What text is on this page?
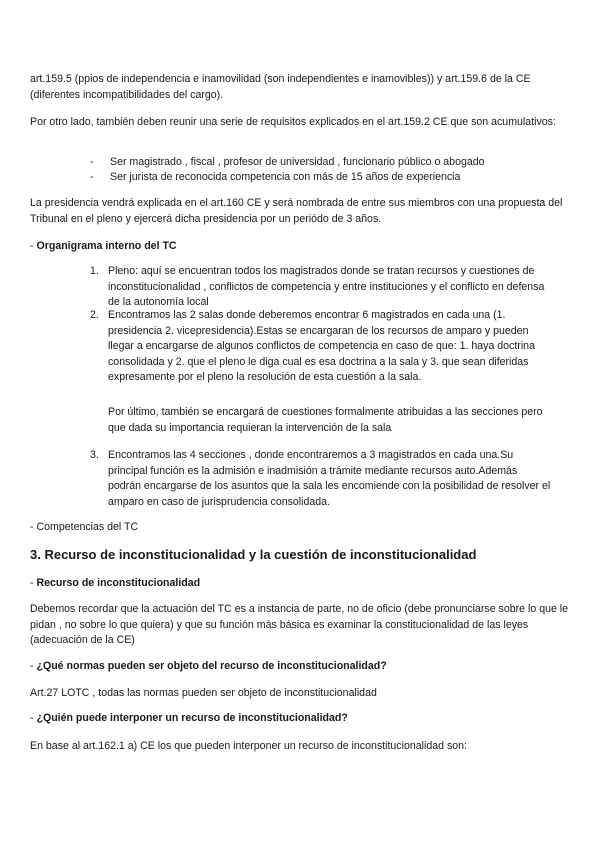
art.159.5 (ppios de independencia e inamovilidad (son independientes e inamovibles)) y art.159.6 de la CE (diferentes incompatibilidades del cargo).

Por otro lado, también deben reunir una serie de requisitos explicados en el art.159.2 CE que son acumulativos:

-	Ser magistrado , fiscal , profesor de universidad , funcionario público o abogado
-	Ser jurista de reconocida competencia con más de 15 años de experiencia

La presidencia vendrá explicada en el art.160 CE y será nombrada de entre sus miembros con una propuesta del Tribunal en el pleno y ejercerá dicha presidencia por un periódo de 3 años.

- Organigrama interno del TC

1. Pleno: aquí se encuentran todos los magistrados donde se tratan recursos y cuestiones de inconstitucionalidad , conflictos de competencia y entre instituciones y el conflicto en defensa de la autonomía local
2. Encontramos las 2 salas donde deberemos encontrar 6 magistrados en cada una (1. presidencia 2. vicepresidencia).Estas se encargaran de los recursos de amparo y pueden llegar a encargarse de algunos conflictos de competencia en caso de que: 1. haya doctrina consolidada y 2. que el pleno le diga cual es esa doctrina a la sala y 3. que sean diferidas expresamente por el pleno la resolución de esta cuestión a la sala.

Por último, también se encargará de cuestiones formalmente atribuidas a las secciones pero que dada su importancia requieran la intervención de la sala

3. Encontramos las 4 secciones , donde encontraremos a 3 magistrados en cada una.Su principal función es la admisión e inadmisión a trámite mediante recursos auto.Además podrán encargarse de los asuntos que la sala les encomiende con la posibilidad de resolver el amparo en caso de jurisprudencia consolidada.

- Competencias del TC

3. Recurso de inconstitucionalidad y la cuestión de inconstitucionalidad

- Recurso de inconstitucionalidad

Debemos recordar que la actuación del TC es a instancia de parte, no de oficio (debe pronunciarse sobre lo que le pidan , no sobre lo que quiera) y que su función más básica es examinar la constitucionalidad de las leyes (adecuación de la CE)

- ¿Qué normas pueden ser objeto del recurso de inconstitucionalidad?

Art.27 LOTC , todas las normas pueden ser objeto de inconstitucionalidad

- ¿Quién puede interponer un recurso de inconstitucionalidad?

En base al art.162.1 a) CE los que pueden interponer un recurso de inconstitucionalidad son:
